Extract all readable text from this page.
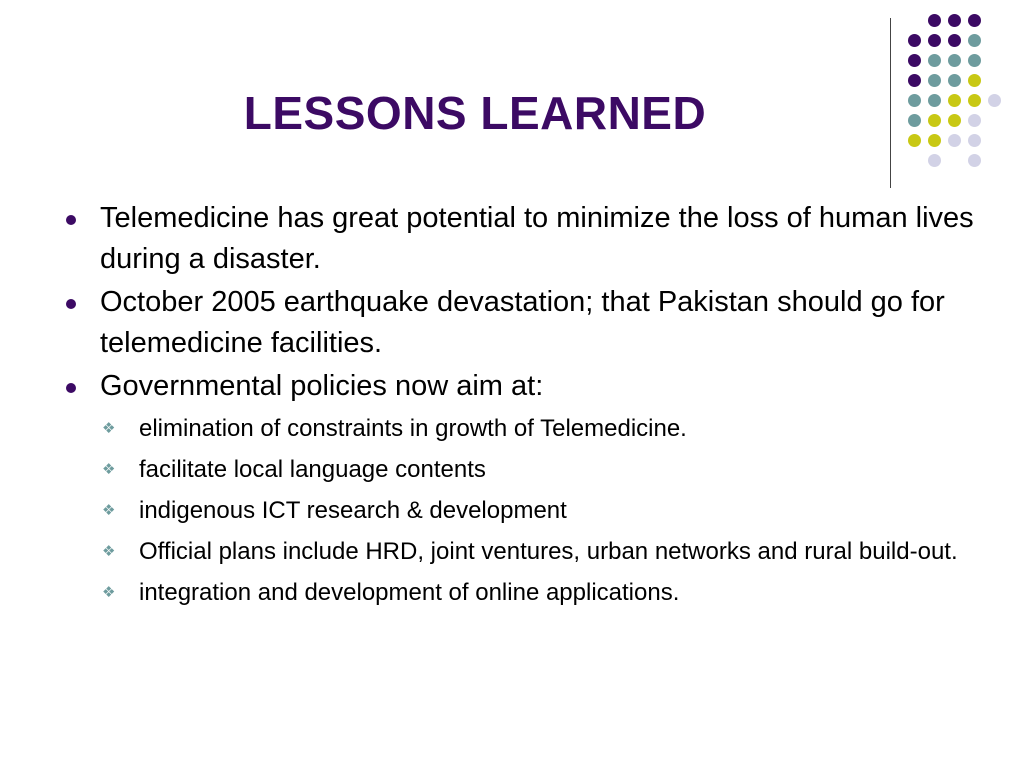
LESSONS LEARNED
Telemedicine has great potential to minimize the loss of human lives during a disaster.
October 2005 earthquake devastation; that Pakistan should go for telemedicine facilities.
Governmental policies now aim at:
❖ elimination of constraints in growth of Telemedicine.
❖ facilitate local language contents
❖ indigenous ICT research & development
❖ Official plans include HRD, joint ventures, urban networks and rural build-out.
❖ integration and development of online applications.
